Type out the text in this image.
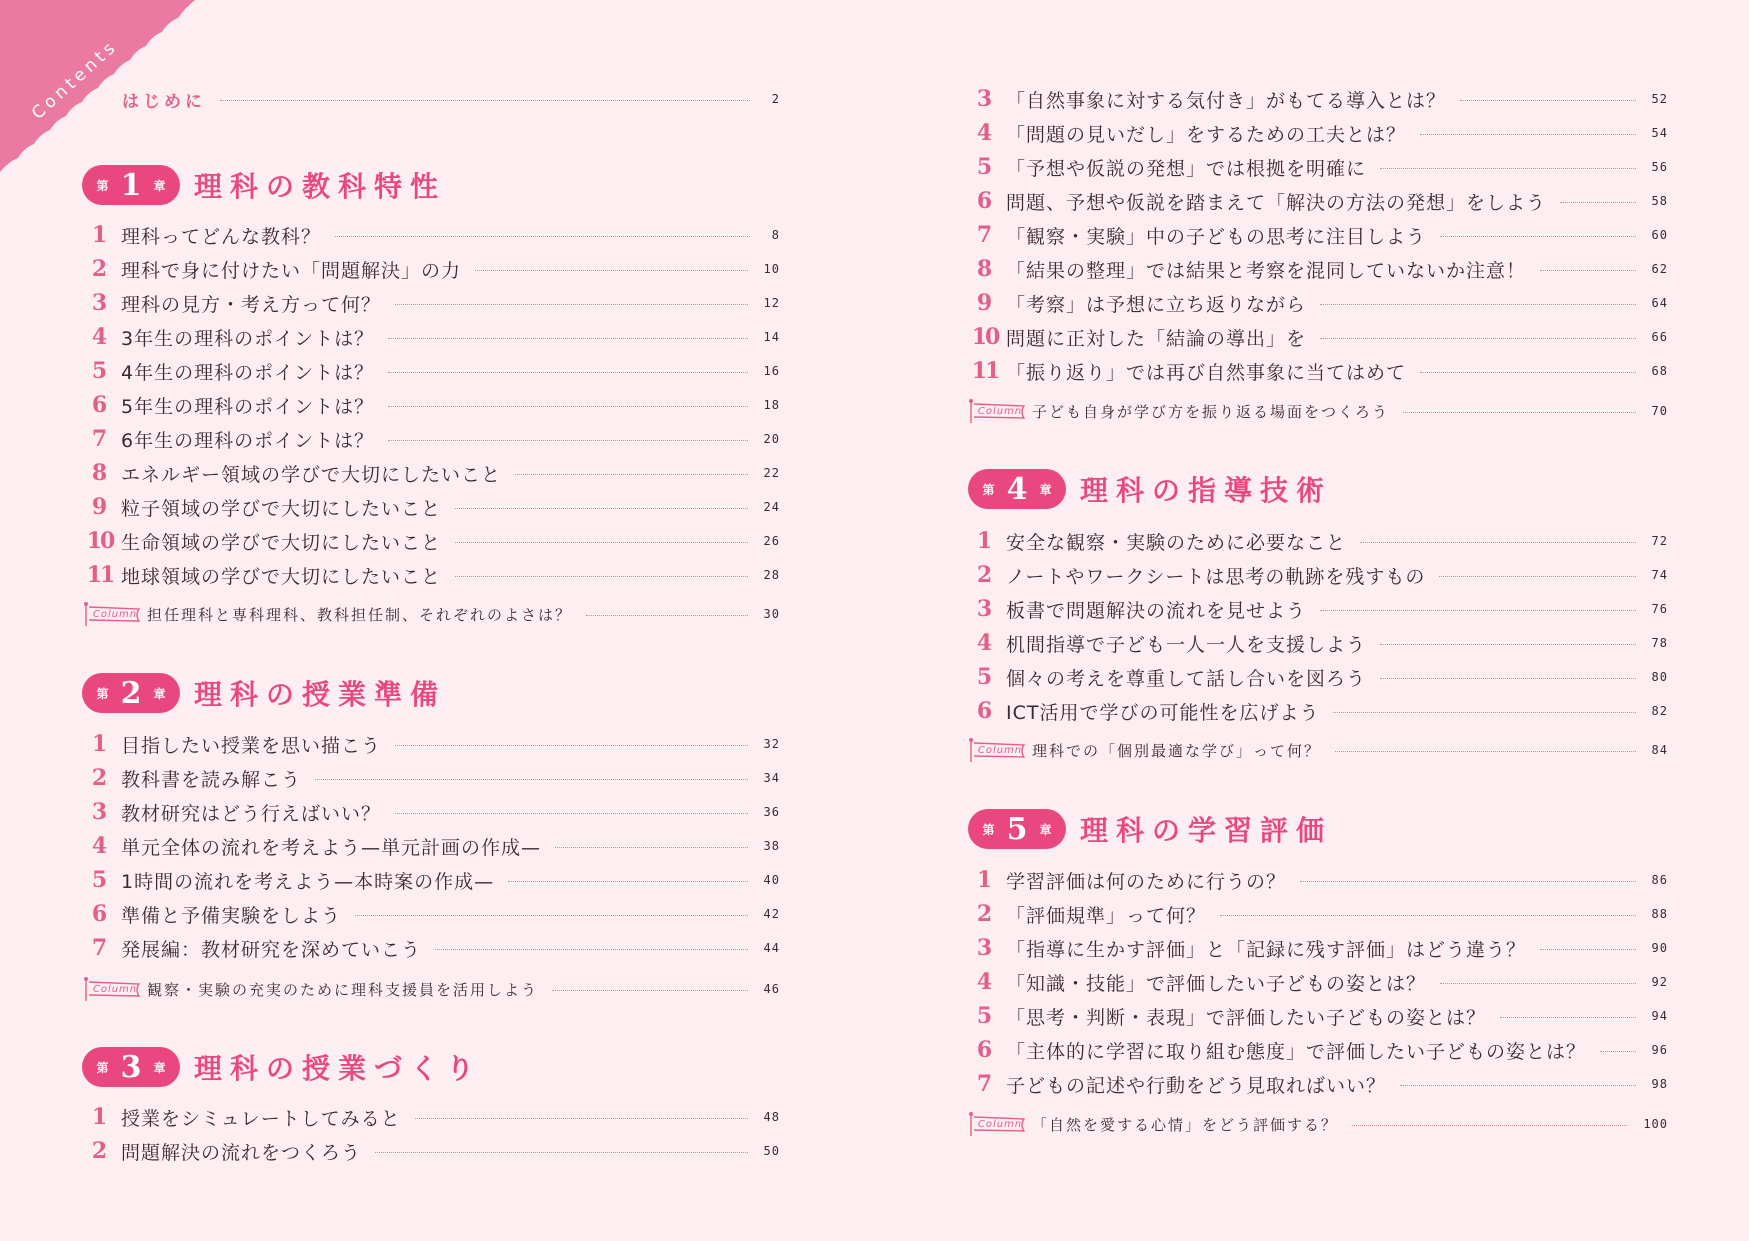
Contents はじめに	2
第 1 章 理科の教科特性
1 理科ってどんな教科？	8
2 理科で身に付けたい「問題解決」の力	10
3 理科の見方・考え方って何？	12
4 3年生の理科のポイントは？	14
5 4年生の理科のポイントは？	16
6 5年生の理科のポイントは？	18
7 6年生の理科のポイントは？	20
8 エネルギー領域の学びで大切にしたいこと	22
9 粒子領域の学びで大切にしたいこと	24
10 生命領域の学びで大切にしたいこと	26
11 地球領域の学びで大切にしたいこと	28
Column 担任理科と専科理科、教科担任制、それぞれのよさは？	30
第 2 章 理科の授業準備
1 目指したい授業を思い描こう	32
2 教科書を読み解こう	34
3 教材研究はどう行えばいい？	36
4 単元全体の流れを考えよう—単元計画の作成—	38
5 1時間の流れを考えよう—本時案の作成—	40
6 準備と予備実験をしよう	42
7 発展編：教材研究を深めていこう	44
Column 観察・実験の充実のために理科支援員を活用しよう	46
第 3 章 理科の授業づくり
1 授業をシミュレートしてみると	48
2 問題解決の流れをつくろう	50
3 「自然事象に対する気付き」がもてる導入とは？	52
4 「問題の見いだし」をするための工夫とは？	54
5 「予想や仮説の発想」では根拠を明確に	56
6 問題、予想や仮説を踏まえて「解決の方法の発想」をしよう	58
7 「観察・実験」中の子どもの思考に注目しよう	60
8 「結果の整理」では結果と考察を混同していないか注意！	62
9 「考察」は予想に立ち返りながら	64
10 問題に正対した「結論の導出」を	66
11 「振り返り」では再び自然事象に当てはめて	68
Column 子ども自身が学び方を振り返る場面をつくろう	70
第 4 章 理科の指導技術
1 安全な観察・実験のために必要なこと	72
2 ノートやワークシートは思考の軌跡を残すもの	74
3 板書で問題解決の流れを見せよう	76
4 机間指導で子ども一人一人を支援しよう	78
5 個々の考えを尊重して話し合いを図ろう	80
6 ICT活用で学びの可能性を広げよう	82
Column 理科での「個別最適な学び」って何？	84
第 5 章 理科の学習評価
1 学習評価は何のために行うの？	86
2 「評価規準」って何？	88
3 「指導に生かす評価」と「記録に残す評価」はどう違う？	90
4 「知識・技能」で評価したい子どもの姿とは？	92
5 「思考・判断・表現」で評価したい子どもの姿とは？	94
6 「主体的に学習に取り組む態度」で評価したい子どもの姿とは？	96
7 子どもの記述や行動をどう見取ればいい？	98
Column 「自然を愛する心情」をどう評価する？	100
